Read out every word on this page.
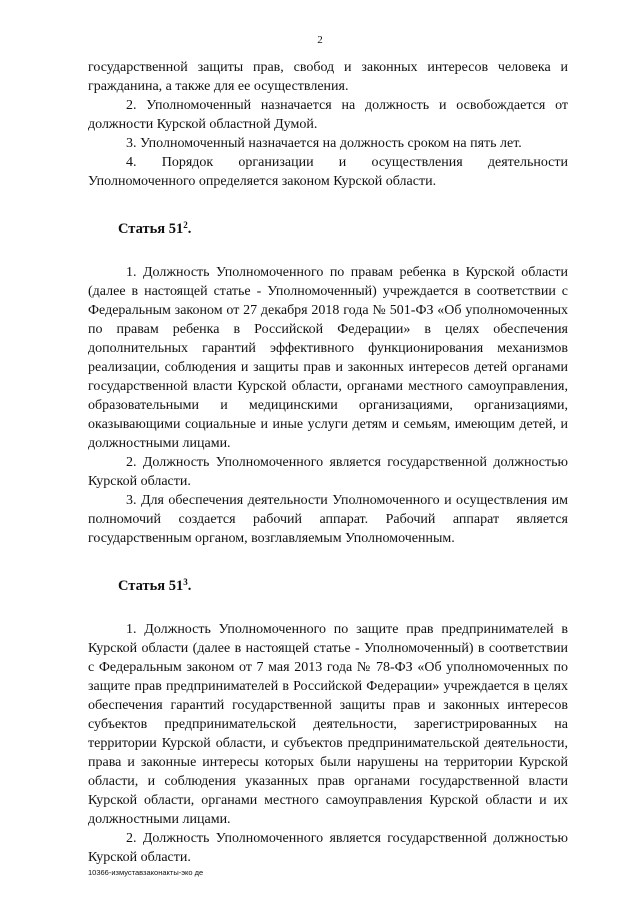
2

государственной защиты прав, свобод и законных интересов человека и гражданина, а также для ее осуществления.

2. Уполномоченный назначается на должность и освобождается от должности Курской областной Думой.

3. Уполномоченный назначается на должность сроком на пять лет.

4. Порядок организации и осуществления деятельности Уполномоченного определяется законом Курской области.

Статья $51^2$.

1. Должность Уполномоченного по правам ребенка в Курской области (далее в настоящей статье - Уполномоченный) учреждается в соответствии с Федеральным законом от 27 декабря 2018 года № 501-ФЗ «Об уполномоченных по правам ребенка в Российской Федерации» в целях обеспечения дополнительных гарантий эффективного функционирования механизмов реализации, соблюдения и защиты прав и законных интересов детей органами государственной власти Курской области, органами местного самоуправления, образовательными и медицинскими организациями, организациями, оказывающими социальные и иные услуги детям и семьям, имеющим детей, и должностными лицами.

2. Должность Уполномоченного является государственной должностью Курской области.

3. Для обеспечения деятельности Уполномоченного и осуществления им полномочий создается рабочий аппарат. Рабочий аппарат является государственным органом, возглавляемым Уполномоченным.

Статья $51^3$.

1. Должность Уполномоченного по защите прав предпринимателей в Курской области (далее в настоящей статье - Уполномоченный) в соответствии с Федеральным законом от 7 мая 2013 года № 78-ФЗ «Об уполномоченных по защите прав предпринимателей в Российской Федерации» учреждается в целях обеспечения гарантий государственной защиты прав и законных интересов субъектов предпринимательской деятельности, зарегистрированных на территории Курской области, и субъектов предпринимательской деятельности, права и законные интересы которых были нарушены на территории Курской области, и соблюдения указанных прав органами государственной власти Курской области, органами местного самоуправления Курской области и их должностными лицами.

2. Должность Уполномоченного является государственной должностью Курской области.

10366-измуставзаконакты-эко де
